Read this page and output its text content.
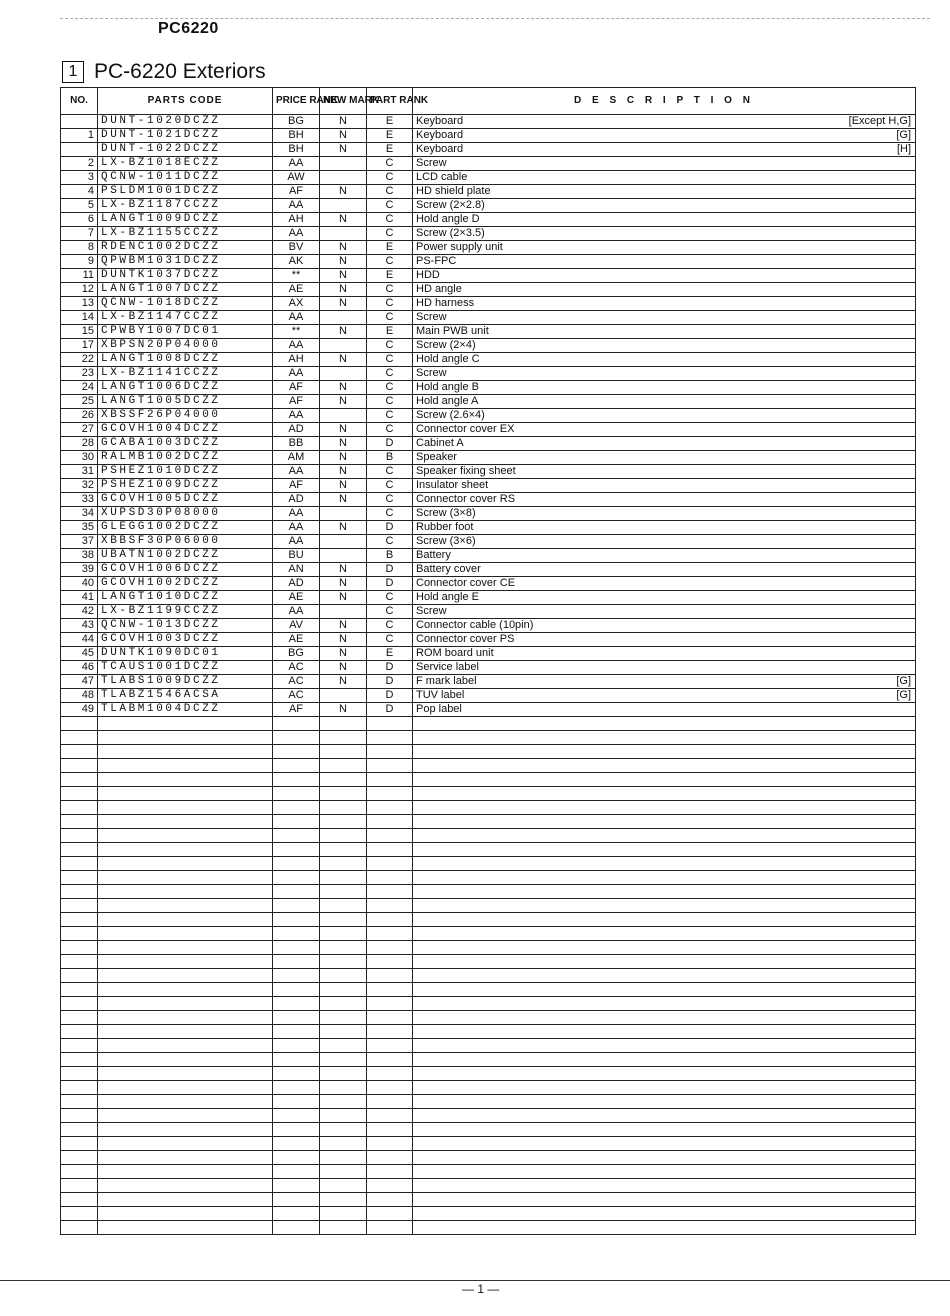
PC6220
1 PC-6220 Exteriors
NO.	PARTS CODE	PRICE RANK	NEW MARK	PART RANK	D E S C R I P T I O N
	DUNT-1020DCZZ	BG	N	E	Keyboard [Except H,G]

1	DUNT-1021DCZZ	BH	N	E	Keyboard [G]

	DUNT-1022DCZZ	BH	N	E	Keyboard [H]

2	LX-BZ1018ECZZ	AA		C	Screw

3	QCNW-1011DCZZ	AW		C	LCD cable

4	PSLDM1001DCZZ	AF	N	C	HD shield plate

5	LX-BZ1187CCZZ	AA		C	Screw (2×2.8)

6	LANGT1009DCZZ	AH	N	C	Hold angle D

7	LX-BZ1155CCZZ	AA		C	Screw (2×3.5)

8	RDENC1002DCZZ	BV	N	E	Power supply unit

9	QPWBM1031DCZZ	AK	N	C	PS-FPC

11	DUNTK1037DCZZ	**	N	E	HDD

12	LANGT1007DCZZ	AE	N	C	HD angle

13	QCNW-1018DCZZ	AX	N	C	HD harness

14	LX-BZ1147CCZZ	AA		C	Screw

15	CPWBY1007DC01	**	N	E	Main PWB unit

17	XBPSN20P04000	AA		C	Screw (2×4)

22	LANGT1008DCZZ	AH	N	C	Hold angle C

23	LX-BZ1141CCZZ	AA		C	Screw

24	LANGT1006DCZZ	AF	N	C	Hold angle B

25	LANGT1005DCZZ	AF	N	C	Hold angle A

26	XBSSF26P04000	AA		C	Screw (2.6×4)

27	GCOVH1004DCZZ	AD	N	C	Connector cover EX

28	GCABA1003DCZZ	BB	N	D	Cabinet A

30	RALMB1002DCZZ	AM	N	B	Speaker

31	PSHEZ1010DCZZ	AA	N	C	Speaker fixing sheet

32	PSHEZ1009DCZZ	AF	N	C	Insulator sheet

33	GCOVH1005DCZZ	AD	N	C	Connector cover RS

34	XUPSD30P08000	AA		C	Screw (3×8)

35	GLEGG1002DCZZ	AA	N	D	Rubber foot

37	XBBSF30P06000	AA		C	Screw (3×6)

38	UBATN1002DCZZ	BU		B	Battery

39	GCOVH1006DCZZ	AN	N	D	Battery cover

40	GCOVH1002DCZZ	AD	N	D	Connector cover CE

41	LANGT1010DCZZ	AE	N	C	Hold angle E

42	LX-BZ1199CCZZ	AA		C	Screw

43	QCNW-1013DCZZ	AV	N	C	Connector cable (10pin)

44	GCOVH1003DCZZ	AE	N	C	Connector cover PS

45	DUNTK1090DC01	BG	N	E	ROM board unit

46	TCAUS1001DCZZ	AC	N	D	Service label

47	TLABS1009DCZZ	AC	N	D	F mark label [G]

48	TLABZ1546ACSA	AC		D	TUV label [G]

49	TLABM1004DCZZ	AF	N	D	Pop label

— 1 —
